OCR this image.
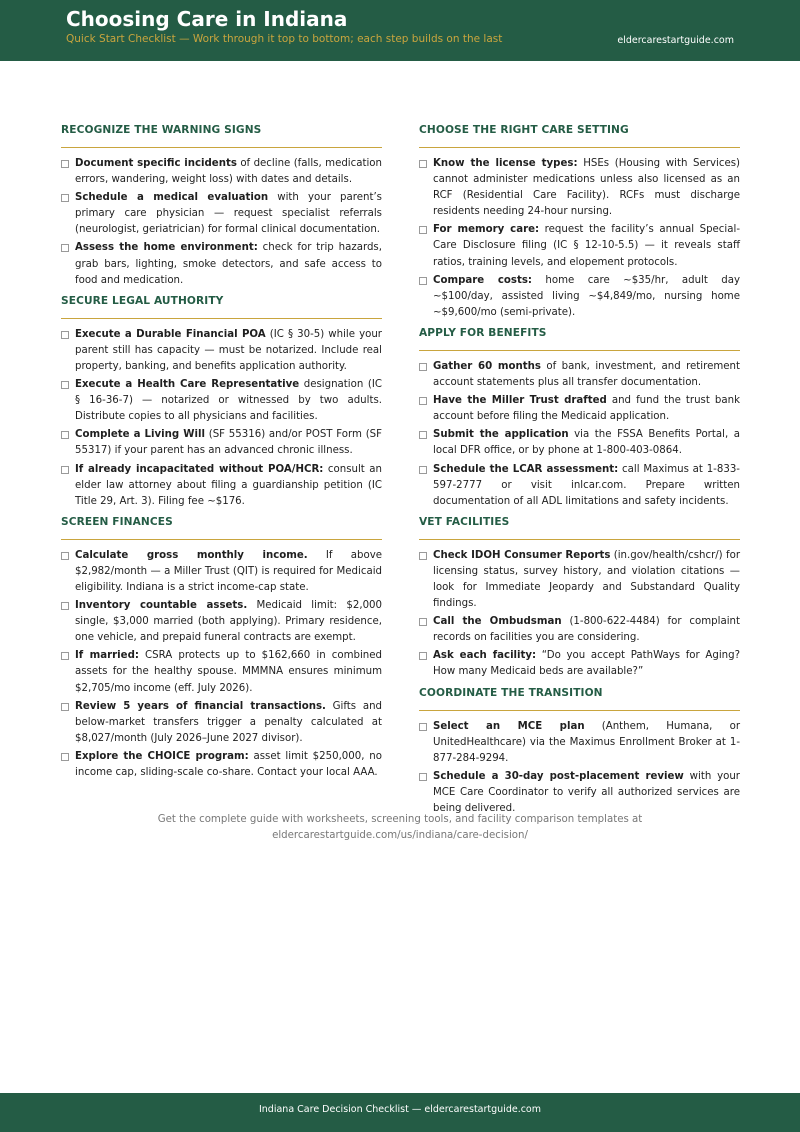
Choosing Care in Indiana
Quick Start Checklist — Work through it top to bottom; each step builds on the last	eldercarestartguide.com
RECOGNIZE THE WARNING SIGNS
Document specific incidents of decline (falls, medication errors, wandering, weight loss) with dates and details.
Schedule a medical evaluation with your parent’s primary care physician — request specialist referrals (neurologist, geriatrician) for formal clinical documentation.
Assess the home environment: check for trip hazards, grab bars, lighting, smoke detectors, and safe access to food and medication.
SECURE LEGAL AUTHORITY
Execute a Durable Financial POA (IC § 30-5) while your parent still has capacity — must be notarized. Include real property, banking, and benefits application authority.
Execute a Health Care Representative designation (IC § 16-36-7) — notarized or witnessed by two adults. Distribute copies to all physicians and facilities.
Complete a Living Will (SF 55316) and/or POST Form (SF 55317) if your parent has an advanced chronic illness.
If already incapacitated without POA/HCR: consult an elder law attorney about filing a guardianship petition (IC Title 29, Art. 3). Filing fee ~$176.
SCREEN FINANCES
Calculate gross monthly income. If above $2,982/month — a Miller Trust (QIT) is required for Medicaid eligibility. Indiana is a strict income-cap state.
Inventory countable assets. Medicaid limit: $2,000 single, $3,000 married (both applying). Primary residence, one vehicle, and prepaid funeral contracts are exempt.
If married: CSRA protects up to $162,660 in combined assets for the healthy spouse. MMMNA ensures minimum $2,705/mo income (eff. July 2026).
Review 5 years of financial transactions. Gifts and below-market transfers trigger a penalty calculated at $8,027/month (July 2026–June 2027 divisor).
Explore the CHOICE program: asset limit $250,000, no income cap, sliding-scale co-share. Contact your local AAA.
CHOOSE THE RIGHT CARE SETTING
Know the license types: HSEs (Housing with Services) cannot administer medications unless also licensed as an RCF (Residential Care Facility). RCFs must discharge residents needing 24-hour nursing.
For memory care: request the facility’s annual Special-Care Disclosure filing (IC § 12-10-5.5) — it reveals staff ratios, training levels, and elopement protocols.
Compare costs: home care ~$35/hr, adult day ~$100/day, assisted living ~$4,849/mo, nursing home ~$9,600/mo (semi-private).
APPLY FOR BENEFITS
Gather 60 months of bank, investment, and retirement account statements plus all transfer documentation.
Have the Miller Trust drafted and fund the trust bank account before filing the Medicaid application.
Submit the application via the FSSA Benefits Portal, a local DFR office, or by phone at 1-800-403-0864.
Schedule the LCAR assessment: call Maximus at 1-833-597-2777 or visit inlcar.com. Prepare written documentation of all ADL limitations and safety incidents.
VET FACILITIES
Check IDOH Consumer Reports (in.gov/health/cshcr/) for licensing status, survey history, and violation citations — look for Immediate Jeopardy and Substandard Quality findings.
Call the Ombudsman (1-800-622-4484) for complaint records on facilities you are considering.
Ask each facility: “Do you accept PathWays for Aging? How many Medicaid beds are available?”
COORDINATE THE TRANSITION
Select an MCE plan (Anthem, Humana, or UnitedHealthcare) via the Maximus Enrollment Broker at 1-877-284-9294.
Schedule a 30-day post-placement review with your MCE Care Coordinator to verify all authorized services are being delivered.
Get the complete guide with worksheets, screening tools, and facility comparison templates at
eldercarestartguide.com/us/indiana/care-decision/
Indiana Care Decision Checklist — eldercarestartguide.com
